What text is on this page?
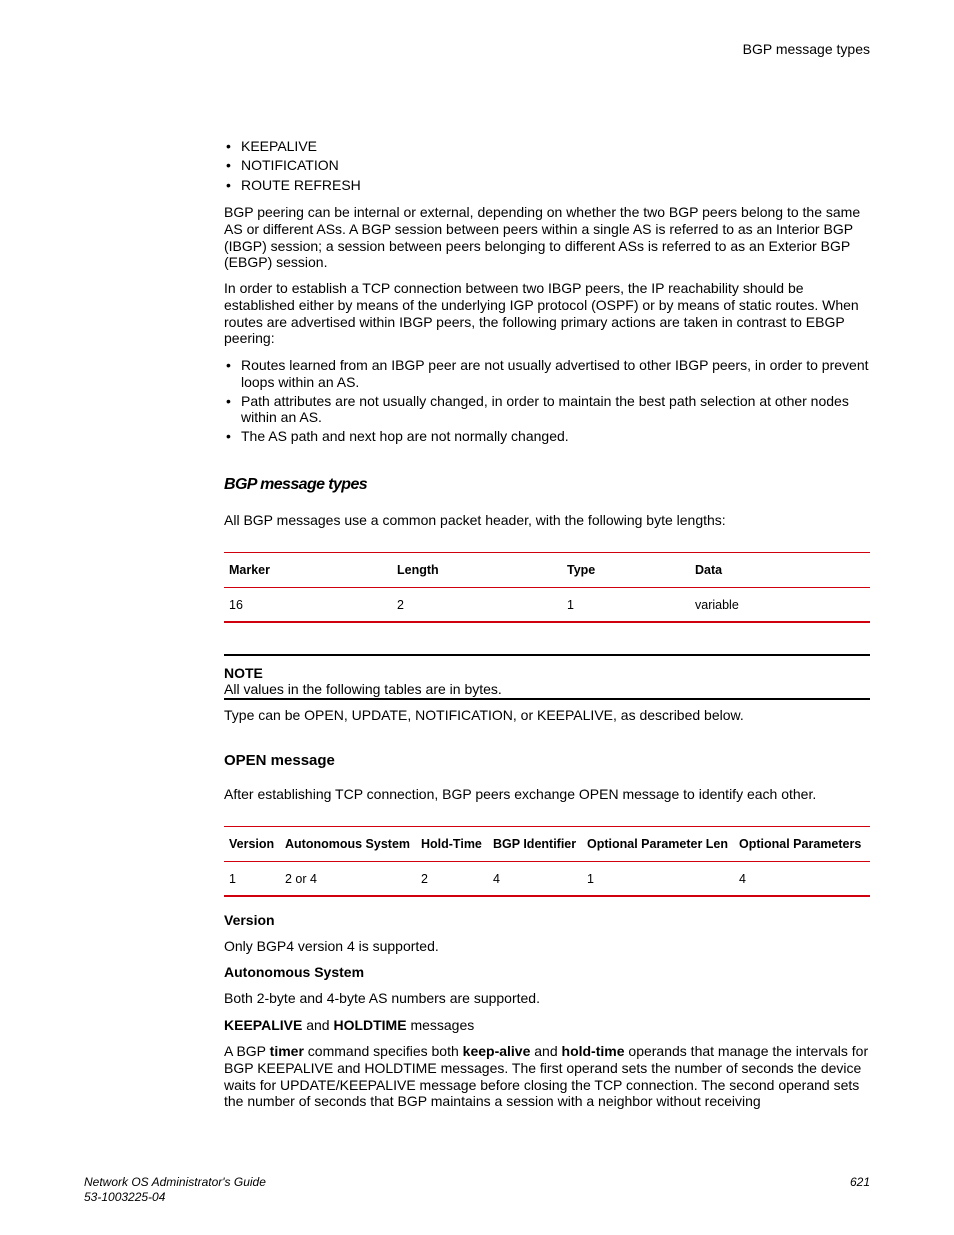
BGP message types
• KEEPALIVE
• NOTIFICATION
• ROUTE REFRESH

BGP peering can be internal or external, depending on whether the two BGP peers belong to the same AS or different ASs. A BGP session between peers within a single AS is referred to as an Interior BGP (IBGP) session; a session between peers belonging to different ASs is referred to as an Exterior BGP (EBGP) session.

In order to establish a TCP connection between two IBGP peers, the IP reachability should be established either by means of the underlying IGP protocol (OSPF) or by means of static routes. When routes are advertised within IBGP peers, the following primary actions are taken in contrast to EBGP peering:

• Routes learned from an IBGP peer are not usually advertised to other IBGP peers, in order to prevent loops within an AS.
• Path attributes are not usually changed, in order to maintain the best path selection at other nodes within an AS.
• The AS path and next hop are not normally changed.
BGP message types

All BGP messages use a common packet header, with the following byte lengths:

Marker	Length	Type	Data
16	2	1	variable
NOTE
All values in the following tables are in bytes.

Type can be OPEN, UPDATE, NOTIFICATION, or KEEPALIVE, as described below.

OPEN message

After establishing TCP connection, BGP peers exchange OPEN message to identify each other.

Version	Autonomous System	Hold-Time	BGP Identifier	Optional Parameter Len	Optional Parameters
1	2 or 4	2	4	1	4

Version

Only BGP4 version 4 is supported.

Autonomous System

Both 2-byte and 4-byte AS numbers are supported.

KEEPALIVE and HOLDTIME messages

A BGP timer command specifies both keep-alive and hold-time operands that manage the intervals for BGP KEEPALIVE and HOLDTIME messages. The first operand sets the number of seconds the device waits for UPDATE/KEEPALIVE message before closing the TCP connection. The second operand sets the number of seconds that BGP maintains a session with a neighbor without receiving

Network OS Administrator's Guide
53-1003225-04
621
